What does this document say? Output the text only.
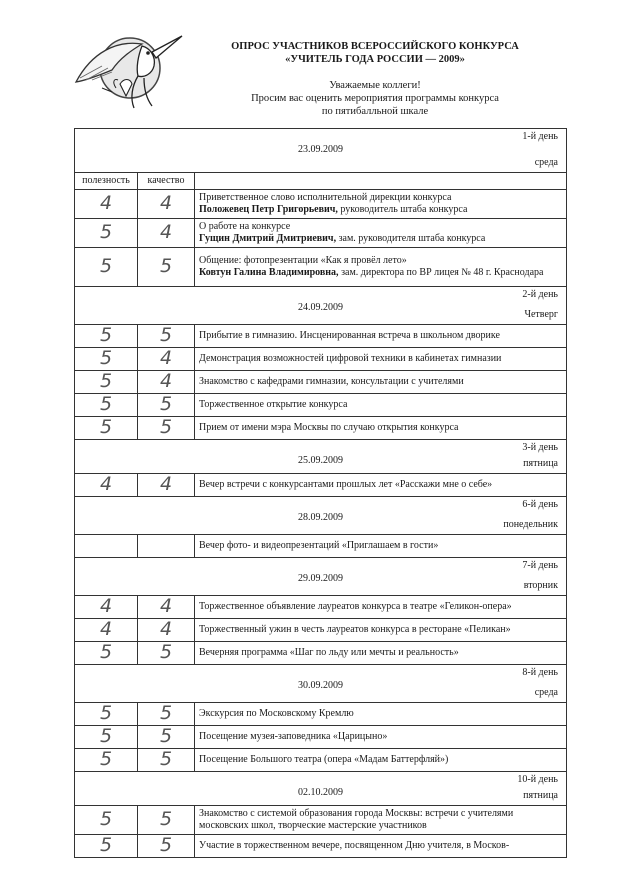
ОПРОС УЧАСТНИКОВ ВСЕРОССИЙСКОГО КОНКУРСА
«УЧИТЕЛЬ ГОДА РОССИИ — 2009»
Уважаемые коллеги!
Просим вас оценить мероприятия программы конкурса
по пятибалльной шкале
1-й день
23.09.2009
среда		

полезность	качество	
4	4	Приветственное слово исполнительной дирекции конкурса
Положевец Петр Григорьевич, руководитель штаба конкурса

5	4	О работе на конкурсе
Гущин Дмитрий Дмитриевич, зам. руководителя штаба конкурса

5	5	Общение: фотопрезентации «Как я провёл лето»
Ковтун Галина Владимировна, зам. директора по ВР лицея № 48 г. Краснодара

2-й день
24.09.2009
Четверг		

5	5	Прибытие в гимназию. Инсценированная встреча в школьном дворике

5	4	Демонстрация возможностей цифровой техники в кабинетах гимназии

5	4	Знакомство с кафедрами гимназии, консультации с учителями

5	5	Торжественное открытие конкурса

5	5	Прием от имени мэра Москвы по случаю открытия конкурса

3-й день
25.09.2009 пятница		

4	4	Вечер встречи с конкурсантами прошлых лет «Расскажи мне о себе»

6-й день
28.09.2009
понедельник		

		Вечер фото- и видеопрезентаций «Приглашаем в гости»

7-й день
29.09.2009
вторник		

4	4	Торжественное объявление лауреатов конкурса в театре «Геликон-опера»

4	4	Торжественный ужин в честь лауреатов конкурса в ресторане «Пеликан»

5	5	Вечерняя программа «Шаг по льду или мечты и реальность»

8-й день
30.09.2009
среда		

5	5	Экскурсия по Московскому Кремлю

5	5	Посещение музея-заповедника «Царицыно»

5	5	Посещение Большого театра (опера «Мадам Баттерфляй»)

10-й день
02.10.2009 пятница		

5	5	Знакомство с системой образования города Москвы: встречи с учителями московских школ, творческие мастерские участников

5	5	Участие в торжественном вечере, посвященном Дню учителя, в Москов-
